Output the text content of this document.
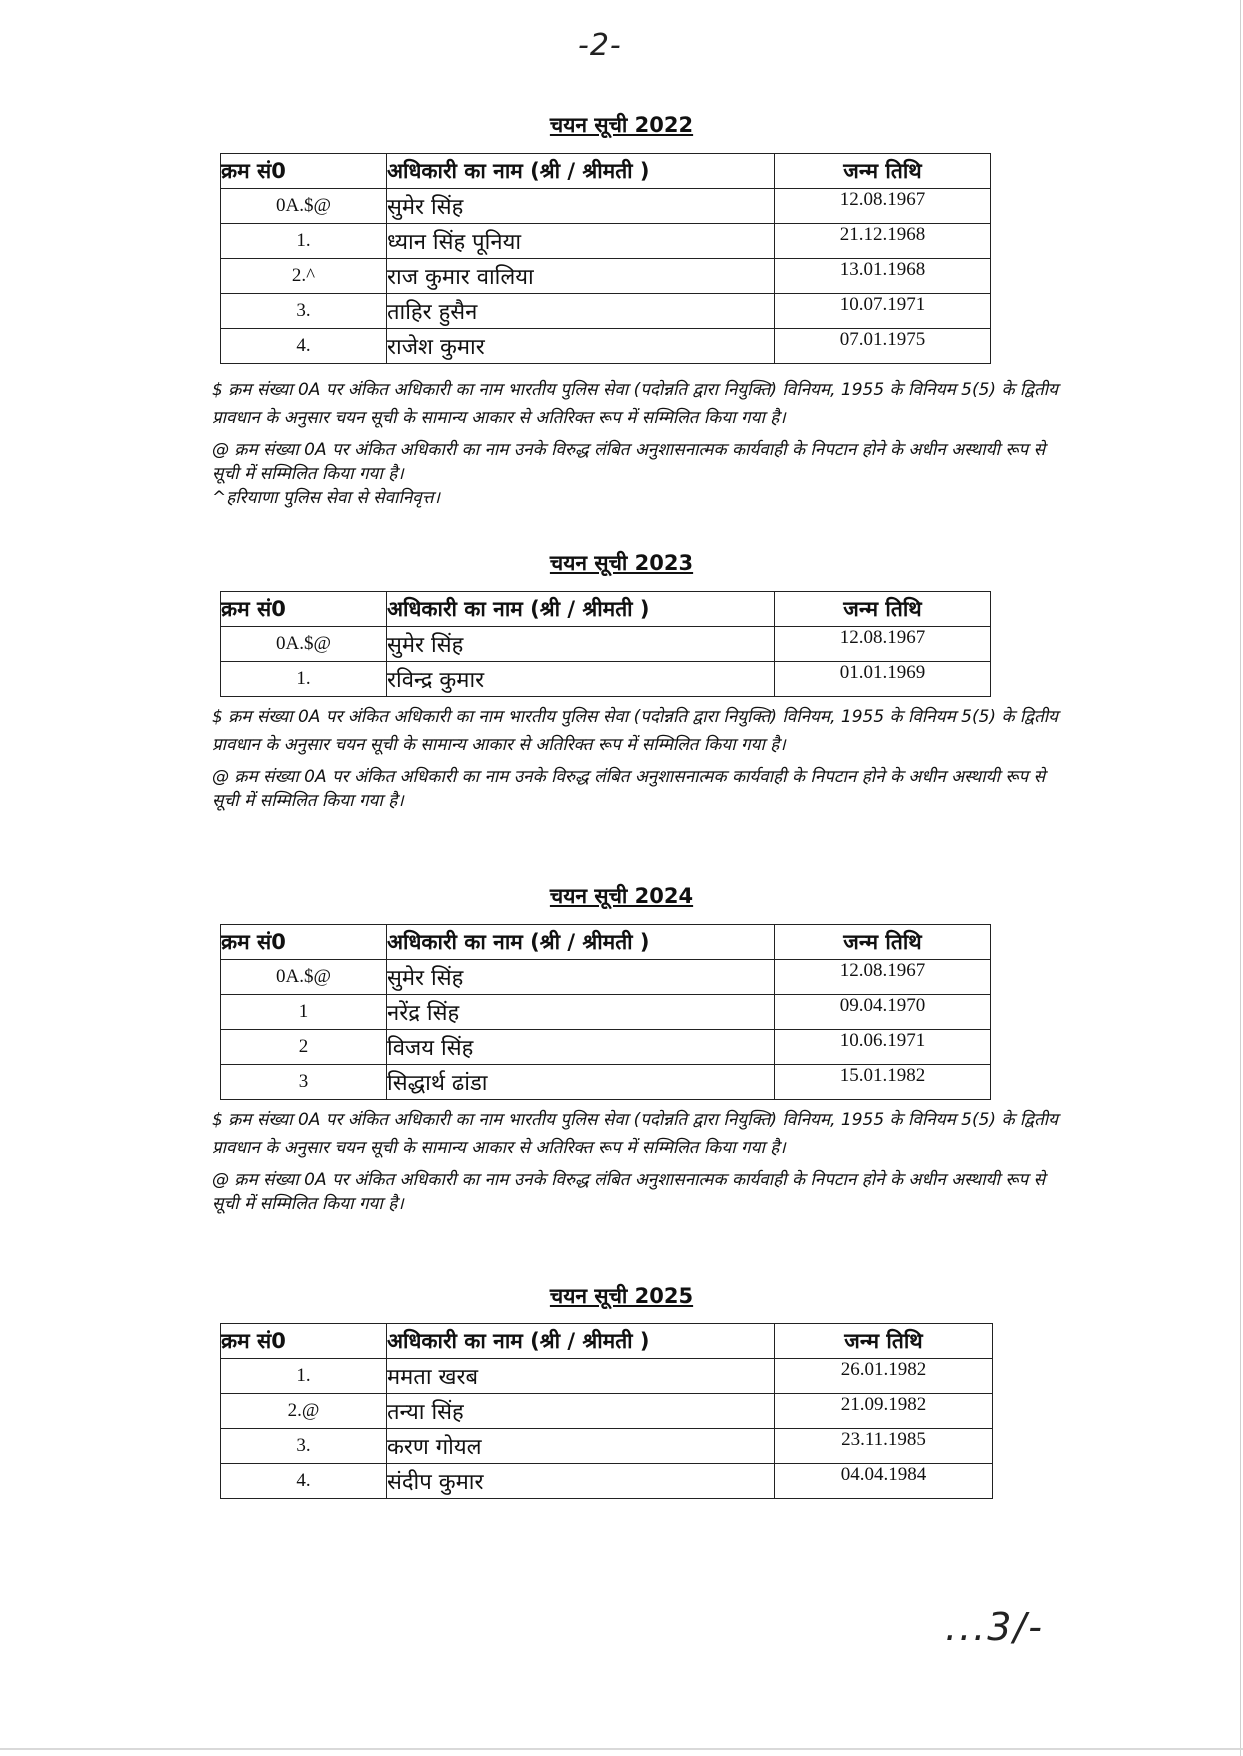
-2-
चयन सूची 2022
क्रम सं0	अधिकारी का नाम (श्री / श्रीमती )	जन्म तिथि
0A.$@	सुमेर सिंह	12.08.1967
1.	ध्यान सिंह पूनिया	21.12.1968
2.^	राज कुमार वालिया	13.01.1968
3.	ताहिर हुसैन	10.07.1971
4.	राजेश कुमार	07.01.1975

$ क्रम संख्या 0A पर अंकित अधिकारी का नाम भारतीय पुलिस सेवा (पदोन्नति द्वारा नियुक्ति) विनियम, 1955 के विनियम 5(5) के द्वितीय प्रावधान के अनुसार चयन सूची के सामान्य आकार से अतिरिक्त रूप में सम्मिलित किया गया है।

@ क्रम संख्या 0A पर अंकित अधिकारी का नाम उनके विरुद्ध लंबित अनुशासनात्मक कार्यवाही के निपटान होने के अधीन अस्थायी रूप से सूची में सम्मिलित किया गया है।

^हरियाणा पुलिस सेवा से सेवानिवृत्त।

चयन सूची 2023
क्रम सं0	अधिकारी का नाम (श्री / श्रीमती )	जन्म तिथि
0A.$@	सुमेर सिंह	12.08.1967
1.	रविन्द्र कुमार	01.01.1969

$ क्रम संख्या 0A पर अंकित अधिकारी का नाम भारतीय पुलिस सेवा (पदोन्नति द्वारा नियुक्ति) विनियम, 1955 के विनियम 5(5) के द्वितीय प्रावधान के अनुसार चयन सूची के सामान्य आकार से अतिरिक्त रूप में सम्मिलित किया गया है।

@ क्रम संख्या 0A पर अंकित अधिकारी का नाम उनके विरुद्ध लंबित अनुशासनात्मक कार्यवाही के निपटान होने के अधीन अस्थायी रूप से सूची में सम्मिलित किया गया है।

चयन सूची 2024
क्रम सं0	अधिकारी का नाम (श्री / श्रीमती )	जन्म तिथि
0A.$@	सुमेर सिंह	12.08.1967
1	नरेंद्र सिंह	09.04.1970
2	विजय सिंह	10.06.1971
3	सिद्धार्थ ढांडा	15.01.1982

$ क्रम संख्या 0A पर अंकित अधिकारी का नाम भारतीय पुलिस सेवा (पदोन्नति द्वारा नियुक्ति) विनियम, 1955 के विनियम 5(5) के द्वितीय प्रावधान के अनुसार चयन सूची के सामान्य आकार से अतिरिक्त रूप में सम्मिलित किया गया है।

@ क्रम संख्या 0A पर अंकित अधिकारी का नाम उनके विरुद्ध लंबित अनुशासनात्मक कार्यवाही के निपटान होने के अधीन अस्थायी रूप से सूची में सम्मिलित किया गया है।

चयन सूची 2025
क्रम सं0	अधिकारी का नाम (श्री / श्रीमती )	जन्म तिथि
1.	ममता खरब	26.01.1982
2.@	तन्या सिंह	21.09.1982
3.	करण गोयल	23.11.1985
4.	संदीप कुमार	04.04.1984
...3/-
